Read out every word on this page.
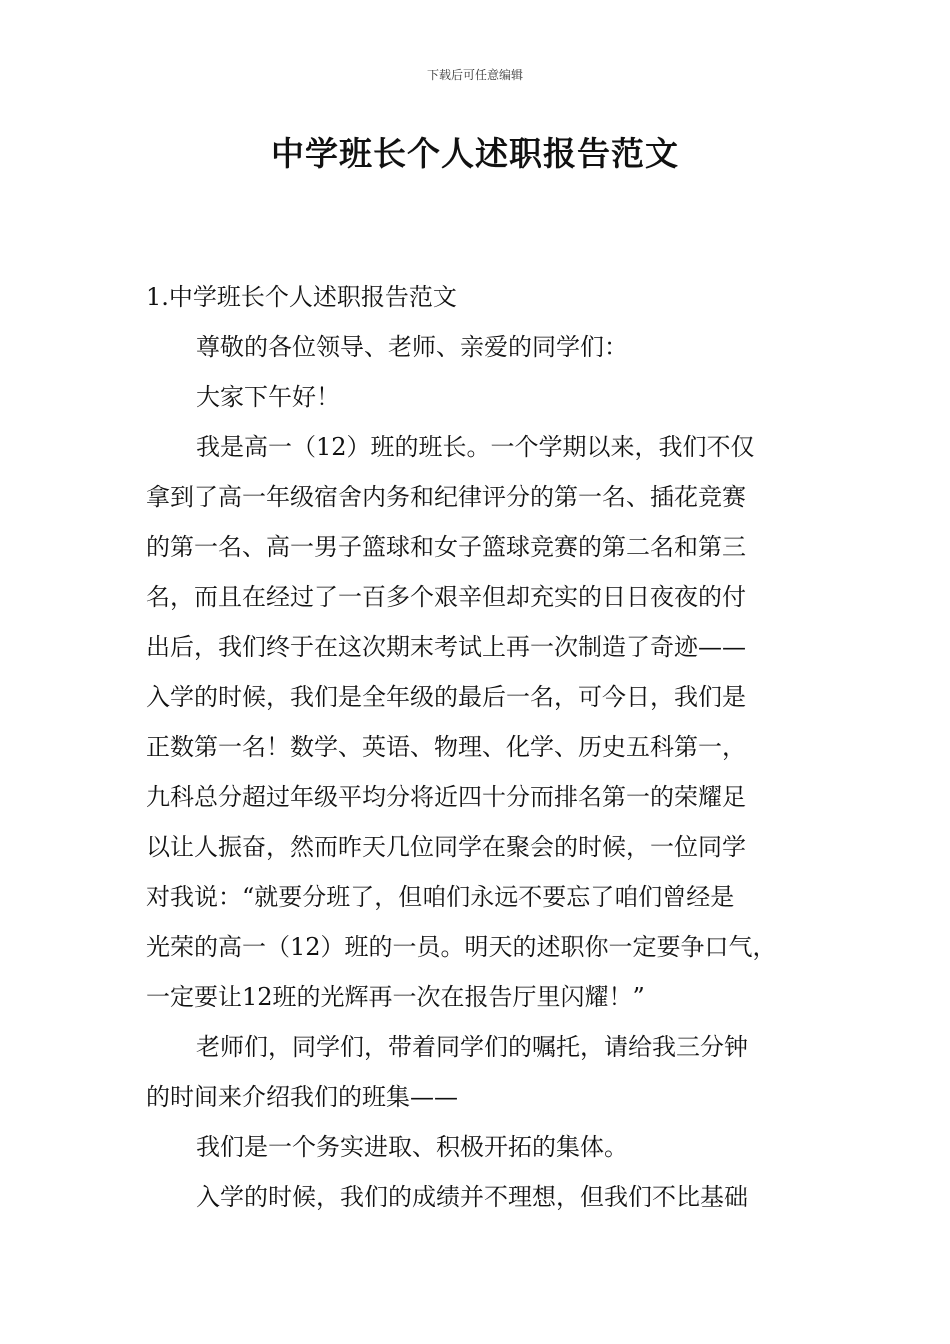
下载后可任意编辑
中学班长个人述职报告范文
1.中学班长个人述职报告范文
尊敬的各位领导、老师、亲爱的同学们：
大家下午好！
我是高一（12）班的班长。一个学期以来，我们不仅
拿到了高一年级宿舍内务和纪律评分的第一名、插花竞赛
的第一名、高一男子篮球和女子篮球竞赛的第二名和第三
名，而且在经过了一百多个艰辛但却充实的日日夜夜的付
出后，我们终于在这次期末考试上再一次制造了奇迹——
入学的时候，我们是全年级的最后一名，可今日，我们是
正数第一名！数学、英语、物理、化学、历史五科第一，
九科总分超过年级平均分将近四十分而排名第一的荣耀足
以让人振奋，然而昨天几位同学在聚会的时候，一位同学
对我说：“就要分班了，但咱们永远不要忘了咱们曾经是
光荣的高一（12）班的一员。明天的述职你一定要争口气，
一定要让12班的光辉再一次在报告厅里闪耀！”
老师们，同学们，带着同学们的嘱托，请给我三分钟
的时间来介绍我们的班集——
我们是一个务实进取、积极开拓的集体。
入学的时候，我们的成绩并不理想，但我们不比基础
